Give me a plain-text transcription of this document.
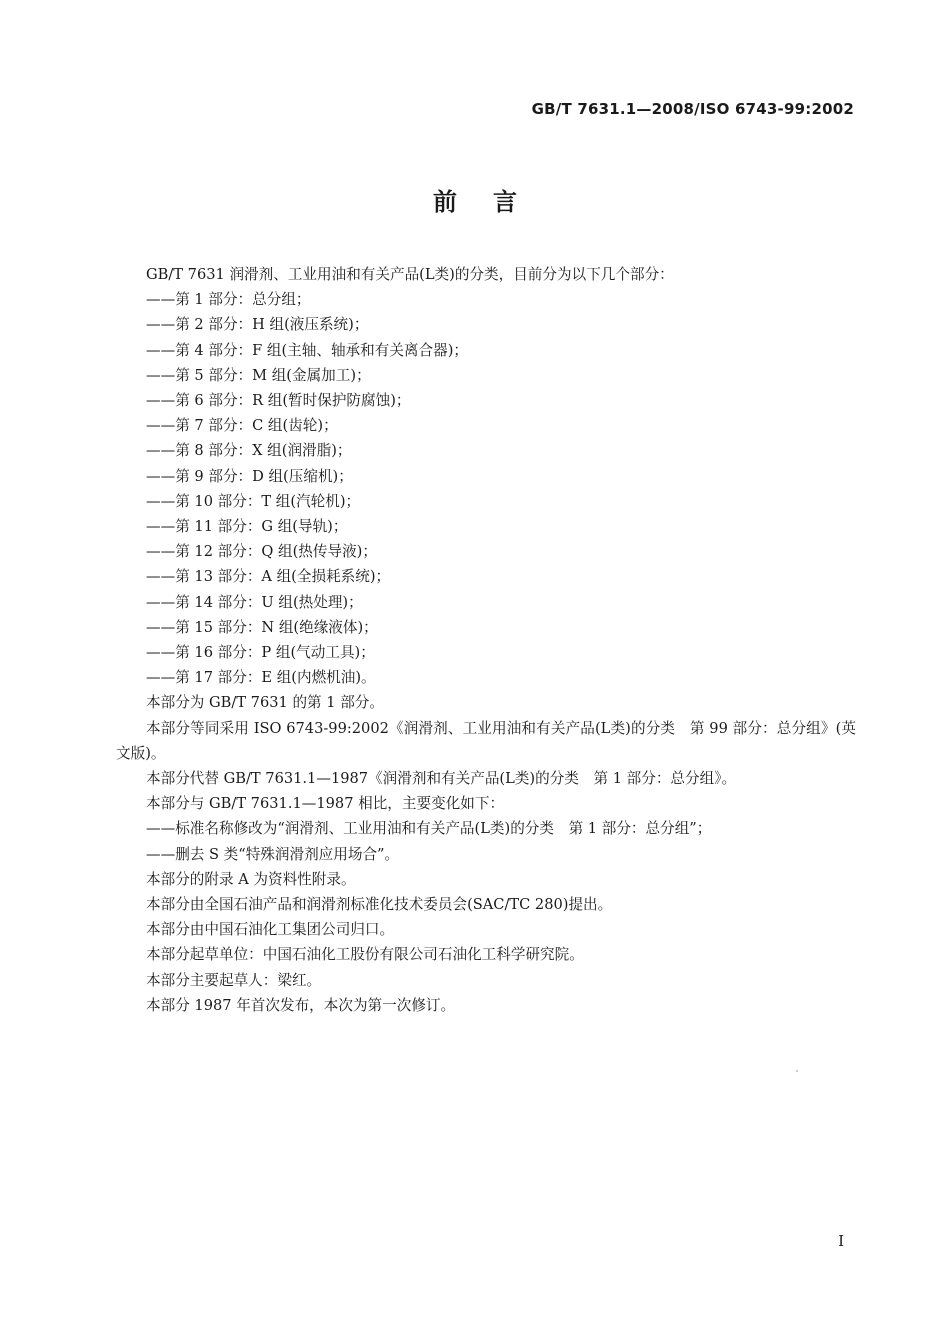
GB/T 7631.1—2008/ISO 6743-99:2002
前言

GB/T 7631 润滑剂、工业用油和有关产品(L类)的分类，目前分为以下几个部分：

——第 1 部分：总分组；

——第 2 部分：H 组(液压系统)；

——第 4 部分：F 组(主轴、轴承和有关离合器)；

——第 5 部分：M 组(金属加工)；

——第 6 部分：R 组(暂时保护防腐蚀)；

——第 7 部分：C 组(齿轮)；

——第 8 部分：X 组(润滑脂)；

——第 9 部分：D 组(压缩机)；

——第 10 部分：T 组(汽轮机)；

——第 11 部分：G 组(导轨)；

——第 12 部分：Q 组(热传导液)；

——第 13 部分：A 组(全损耗系统)；

——第 14 部分：U 组(热处理)；

——第 15 部分：N 组(绝缘液体)；

——第 16 部分：P 组(气动工具)；

——第 17 部分：E 组(内燃机油)。

本部分为 GB/T 7631 的第 1 部分。

本部分等同采用 ISO 6743-99:2002《润滑剂、工业用油和有关产品(L类)的分类　第 99 部分：总分组》(英文版)。

本部分代替 GB/T 7631.1—1987《润滑剂和有关产品(L类)的分类　第 1 部分：总分组》。

本部分与 GB/T 7631.1—1987 相比，主要变化如下：

——标准名称修改为“润滑剂、工业用油和有关产品(L类)的分类　第 1 部分：总分组”；

——删去 S 类“特殊润滑剂应用场合”。

本部分的附录 A 为资料性附录。

本部分由全国石油产品和润滑剂标准化技术委员会(SAC/TC 280)提出。

本部分由中国石油化工集团公司归口。

本部分起草单位：中国石油化工股份有限公司石油化工科学研究院。

本部分主要起草人：梁红。

本部分 1987 年首次发布，本次为第一次修订。

I
